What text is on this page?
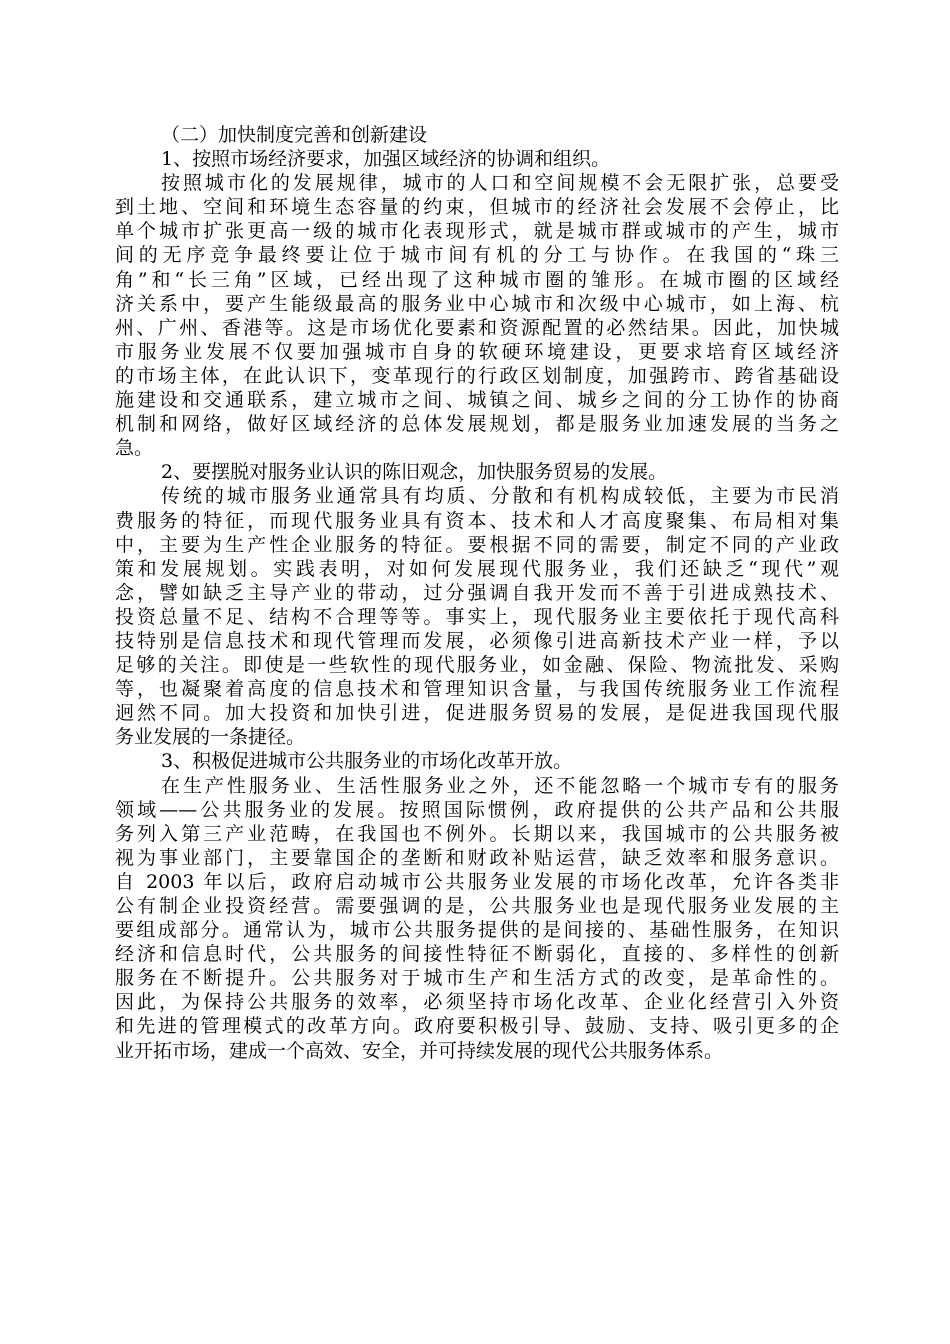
（二）加快制度完善和创新建设
1、按照市场经济要求，加强区域经济的协调和组织。
按照城市化的发展规律，城市的人口和空间规模不会无限扩张，总要受
到土地、空间和环境生态容量的约束，但城市的经济社会发展不会停止，比
单个城市扩张更高一级的城市化表现形式，就是城市群或城市的产生，城市
间的无序竞争最终要让位于城市间有机的分工与协作。在我国的“珠三
角”和“长三角”区域，已经出现了这种城市圈的雏形。在城市圈的区域经
济关系中，要产生能级最高的服务业中心城市和次级中心城市，如上海、杭
州、广州、香港等。这是市场优化要素和资源配置的必然结果。因此，加快城
市服务业发展不仅要加强城市自身的软硬环境建设，更要求培育区域经济
的市场主体，在此认识下，变革现行的行政区划制度，加强跨市、跨省基础设
施建设和交通联系，建立城市之间、城镇之间、城乡之间的分工协作的协商
机制和网络，做好区域经济的总体发展规划，都是服务业加速发展的当务之
急。
2、要摆脱对服务业认识的陈旧观念，加快服务贸易的发展。
传统的城市服务业通常具有均质、分散和有机构成较低，主要为市民消
费服务的特征，而现代服务业具有资本、技术和人才高度聚集、布局相对集
中，主要为生产性企业服务的特征。要根据不同的需要，制定不同的产业政
策和发展规划。实践表明，对如何发展现代服务业，我们还缺乏“现代”观
念，譬如缺乏主导产业的带动，过分强调自我开发而不善于引进成熟技术、
投资总量不足、结构不合理等等。事实上，现代服务业主要依托于现代高科
技特别是信息技术和现代管理而发展，必须像引进高新技术产业一样，予以
足够的关注。即使是一些软性的现代服务业，如金融、保险、物流批发、采购
等，也凝聚着高度的信息技术和管理知识含量，与我国传统服务业工作流程
迥然不同。加大投资和加快引进，促进服务贸易的发展，是促进我国现代服
务业发展的一条捷径。
3、积极促进城市公共服务业的市场化改革开放。
在生产性服务业、生活性服务业之外，还不能忽略一个城市专有的服务
领域——公共服务业的发展。按照国际惯例，政府提供的公共产品和公共服
务列入第三产业范畴，在我国也不例外。长期以来，我国城市的公共服务被
视为事业部门，主要靠国企的垄断和财政补贴运营，缺乏效率和服务意识。
自 2003 年以后，政府启动城市公共服务业发展的市场化改革，允许各类非
公有制企业投资经营。需要强调的是，公共服务业也是现代服务业发展的主
要组成部分。通常认为，城市公共服务提供的是间接的、基础性服务，在知识
经济和信息时代，公共服务的间接性特征不断弱化，直接的、多样性的创新
服务在不断提升。公共服务对于城市生产和生活方式的改变，是革命性的。
因此，为保持公共服务的效率，必须坚持市场化改革、企业化经营引入外资
和先进的管理模式的改革方向。政府要积极引导、鼓励、支持、吸引更多的企
业开拓市场，建成一个高效、安全，并可持续发展的现代公共服务体系。
